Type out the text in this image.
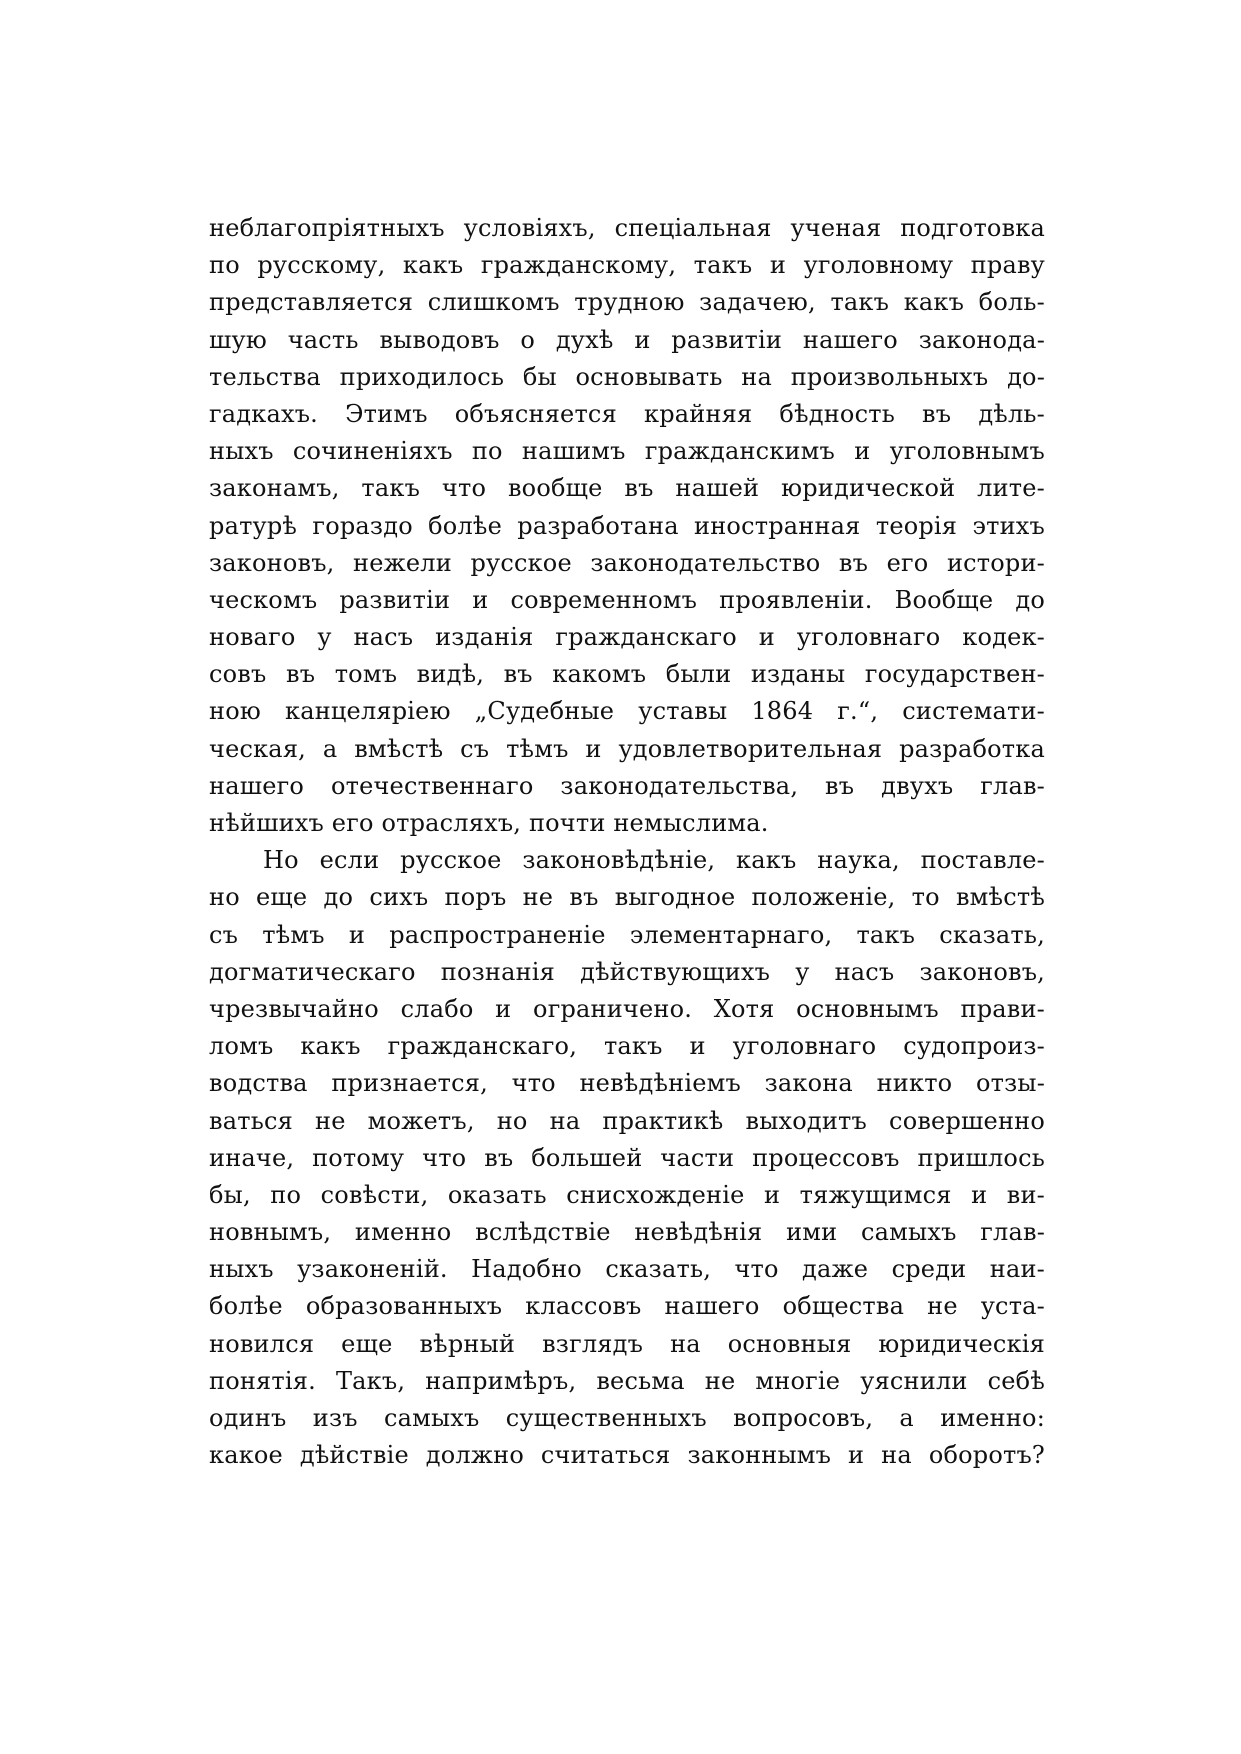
неблагопріятныхъ условіяхъ, спеціальная ученая подготовка
по русскому, какъ гражданскому, такъ и уголовному праву
представляется слишкомъ трудною задачею, такъ какъ боль-
шую часть выводовъ о духѣ и развитіи нашего законода-
тельства приходилось бы основывать на произвольныхъ до-
гадкахъ. Этимъ объясняется крайняя бѣдность въ дѣль-
ныхъ сочиненіяхъ по нашимъ гражданскимъ и уголовнымъ
законамъ, такъ что вообще въ нашей юридической лите-
ратурѣ гораздо болѣе разработана иностранная теорія этихъ
законовъ, нежели русское законодательство въ его истори-
ческомъ развитіи и современномъ проявленіи. Вообще до
новаго у насъ изданія гражданскаго и уголовнаго кодек-
совъ въ томъ видѣ, въ какомъ были изданы государствен-
ною канцеляріею „Судебные уставы 1864 г.“, системати-
ческая, а вмѣстѣ съ тѣмъ и удовлетворительная разработка
нашего отечественнаго законодательства, въ двухъ глав-
нѣйшихъ его отрасляхъ, почти немыслима.
Но если русское законовѣдѣніе, какъ наука, поставле-
но еще до сихъ поръ не въ выгодное положеніе, то вмѣстѣ
съ тѣмъ и распространеніе элементарнаго, такъ сказать,
догматическаго познанія дѣйствующихъ у насъ законовъ,
чрезвычайно слабо и ограничено. Хотя основнымъ прави-
ломъ какъ гражданскаго, такъ и уголовнаго судопроиз-
водства признается, что невѣдѣніемъ закона никто отзы-
ваться не можетъ, но на практикѣ выходитъ совершенно
иначе, потому что въ большей части процессовъ пришлось
бы, по совѣсти, оказать снисхожденіе и тяжущимся и ви-
новнымъ, именно вслѣдствіе невѣдѣнія ими самыхъ глав-
ныхъ узаконеній. Надобно сказать, что даже среди наи-
болѣе образованныхъ классовъ нашего общества не уста-
новился еще вѣрный взглядъ на основныя юридическія
понятія. Такъ, напримѣръ, весьма не многіе уяснили себѣ
одинъ изъ самыхъ существенныхъ вопросовъ, а именно:
какое дѣйствіе должно считаться законнымъ и на оборотъ?
